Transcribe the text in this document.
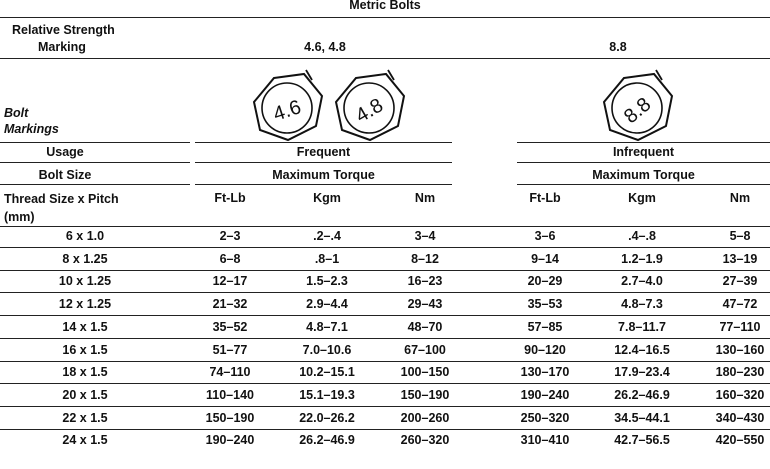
Metric Bolts
Relative Strength
Marking	4.6, 4.8	8.8
Bolt
Markings
4.6 4.8	8.8
Usage	Frequent	Infrequent
Bolt Size	Maximum Torque	Maximum Torque
Thread Size x Pitch
(mm)
Ft-Lb	Kgm	Nm	Ft-Lb	Kgm	Nm
6 x 1.0	2–3	.2–.4	3–4	3–6	.4–.8	5–8
8 x 1.25	6–8	.8–1	8–12	9–14	1.2–1.9	13–19
10 x 1.25	12–17	1.5–2.3	16–23	20–29	2.7–4.0	27–39
12 x 1.25	21–32	2.9–4.4	29–43	35–53	4.8–7.3	47–72
14 x 1.5	35–52	4.8–7.1	48–70	57–85	7.8–11.7	77–110
16 x 1.5	51–77	7.0–10.6	67–100	90–120	12.4–16.5	130–160
18 x 1.5	74–110	10.2–15.1	100–150	130–170	17.9–23.4	180–230
20 x 1.5	110–140	15.1–19.3	150–190	190–240	26.2–46.9	160–320
22 x 1.5	150–190	22.0–26.2	200–260	250–320	34.5–44.1	340–430
24 x 1.5	190–240	26.2–46.9	260–320	310–410	42.7–56.5	420–550
